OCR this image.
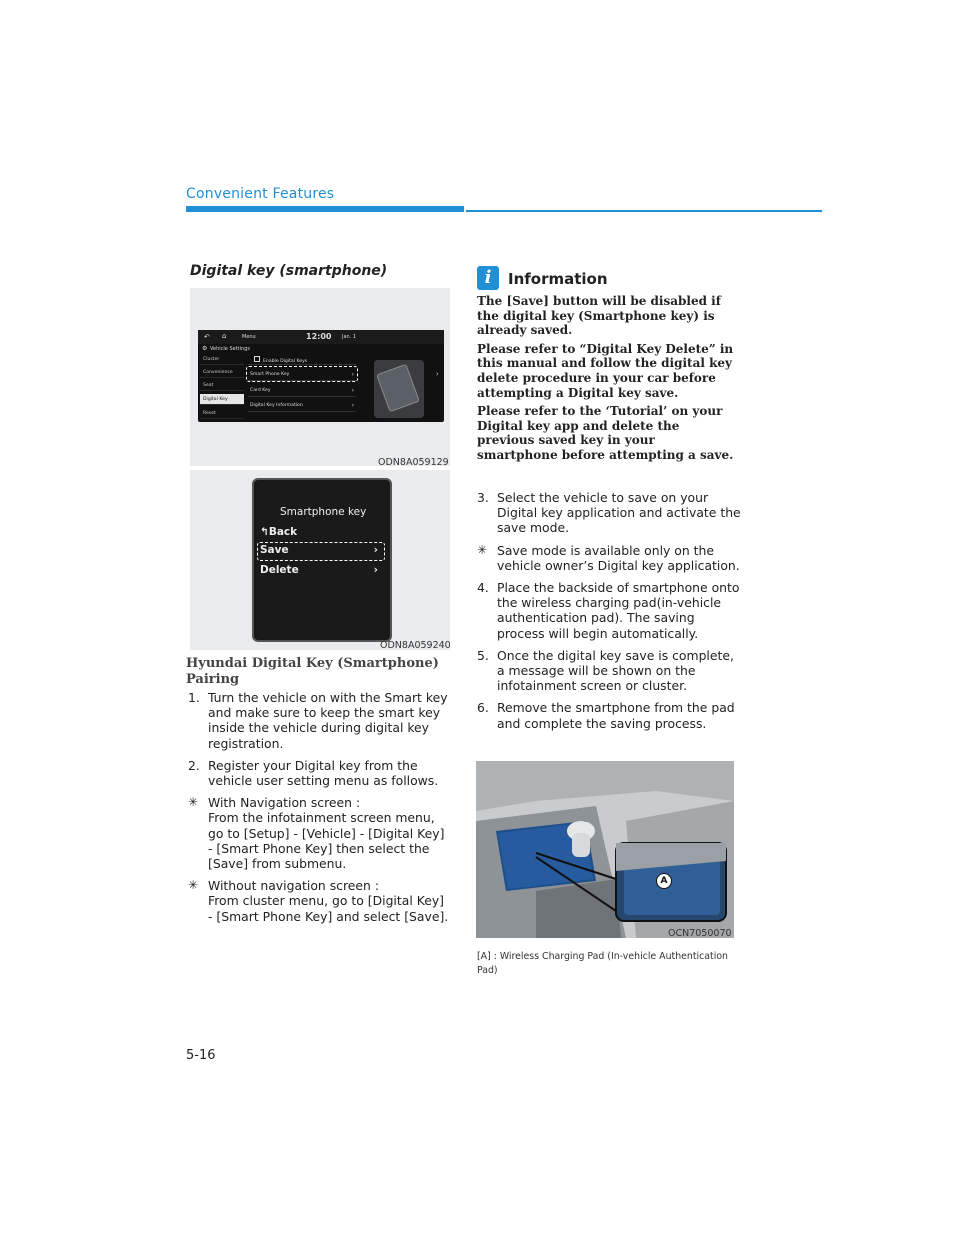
Convenient Features
Digital key (smartphone)
↶ ⌂	Menu	12:00 Jan. 1
⚙ Vehicle Settings
Cluster
Convenience
Seat
Digital Key
Reset
Enable Digital Keys
Smart Phone Key	›
Card Key	›
Digital Key Information	›
›
ODN8A059129
Smartphone key
↰Back
Save	›
Delete	›
ODN8A059240
Hyundai Digital Key (Smartphone) Pairing
1. Turn the vehicle on with the Smart key and make sure to keep the smart key inside the vehicle during digital key registration.
2. Register your Digital key from the vehicle user setting menu as follows.
✳ With Navigation screen :
From the infotainment screen menu, go to [Setup] - [Vehicle] - [Digital Key] - [Smart Phone Key] then select the [Save] from submenu.
✳ Without navigation screen :
From cluster menu, go to [Digital Key] - [Smart Phone Key] and select [Save].
i	Information

The [Save] button will be disabled if the digital key (Smartphone key) is already saved.

Please refer to “Digital Key Delete” in this manual and follow the digital key delete procedure in your car before attempting a Digital key save.

Please refer to the ‘Tutorial’ on your Digital key app and delete the previous saved key in your smartphone before attempting a save.

3. Select the vehicle to save on your Digital key application and activate the save mode.
✳ Save mode is available only on the vehicle owner’s Digital key application.
4. Place the backside of smartphone onto the wireless charging pad(in-vehicle authentication pad). The saving process will begin automatically.
5. Once the digital key save is complete, a message will be shown on the infotainment screen or cluster.
6. Remove the smartphone from the pad and complete the saving process.
A
OCN7050070
[A] : Wireless Charging Pad (In-vehicle Authentication Pad)
5-16
